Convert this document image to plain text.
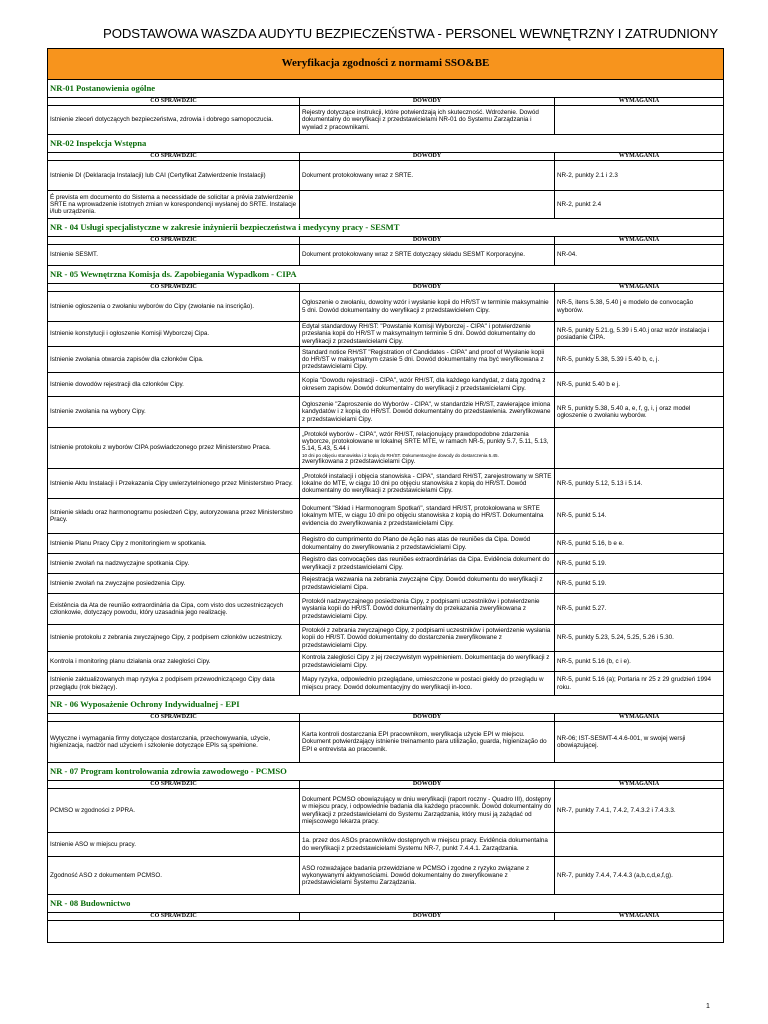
PODSTAWOWA WASZDA AUDYTU BEZPIECZEŃSTWA - PERSONEL WEWNĘTRZNY I ZATRUDNIONY
Weryfikacja zgodności z normami SSO&BE		
NR-01 Postanowienia ogólne		
CO SPRAWDZIĆ	DOWODY	WYMAGANIA
Istnienie zleceń dotyczących bezpieczeństwa, zdrowia i dobrego samopoczucia.	Rejestry dotyczące instrukcji, które potwierdzają ich skuteczność. Wdrożenie. Dowód dokumentalny do weryfikacji z przedstawicielami NR-01 do Systemu Zarządzania i wywiad z pracownikami.	
NR-02 Inspekcja Wstępna		
CO SPRAWDZIĆ	DOWODY	WYMAGANIA
Istnienie DI (Deklaracja Instalacji) lub CAI (Certyfikat Zatwierdzenie Instalacji)	Dokument protokołowany wraz z SRTE.	NR-2, punkty 2.1 i 2.3
É prevista em documento do Sistema a necessidade de solicitar a prévia zatwierdzenie SRTE na wprowadzenie istotnych zmian w korespondencji wysłanej do SRTE. Instalacje i/lub urządzenia.		NR-2, punkt 2.4
NR - 04 Usługi specjalistyczne w zakresie inżynierii bezpieczeństwa i medycyny pracy - SESMT		
CO SPRAWDZIĆ	DOWODY	WYMAGANIA
Istnienie SESMT.	Dokument protokołowany wraz z SRTE dotyczący składu SESMT Korporacyjne.	NR-04.
NR - 05 Wewnętrzna Komisja ds. Zapobiegania Wypadkom - CIPA		
CO SPRAWDZIĆ	DOWODY	WYMAGANIA
Istnienie ogłoszenia o zwołaniu wyborów do Cipy (zwołanie na inscrição).	Ogłoszenie o zwołaniu, dowolny wzór i wysłanie kopii do HR/ST w terminie maksymalnie 5 dni. Dowód dokumentalny do weryfikacji z przedstawicielem Cipy.	NR-5, itens 5.38, 5.40 j e modelo de convocação wyborów.
Istnienie konstytucji i ogłoszenie Komisji Wyborczej Cipa.	Edytal standardowy RH/ST: "Powstanie Komisji Wyborczej - CIPA" i potwierdzenie przesłania kopii do HR/ST w maksymalnym terminie 5 dni. Dowód dokumentalny do weryfikacji z przedstawicielami Cipy.	NR-5, punkty 5.21.g, 5.39 i 5.40.j oraz wzór instalacja i posiadanie CIPA.
Istnienie zwołania otwarcia zapisów dla członków Cipa.	Standard notice RH/ST "Registration of Candidates - CIPA" and proof of Wysłanie kopii do HR/ST w maksymalnym czasie 5 dni. Dowód dokumentalny ma być weryfikowana z przedstawicielami Cipy.	NR-5, punkty 5.38, 5.39 i 5.40 b, c, j.
Istnienie dowodów rejestracji dla członków Cipy.	Kopia "Dowodu rejestracji - CIPA", wzór RH/ST, dla każdego kandydat, z datą zgodną z okresem zapisów. Dowód dokumentalny do weryfikacji z przedstawicielami Cipy.	NR-5, punkt 5.40 b e j.
Istnienie zwołania na wybory Cipy.	Ogłoszenie "Zaproszenie do Wyborów - CIPA", w standardzie HR/ST, zawierające imiona kandydatów i z kopią do HR/ST. Dowód dokumentalny do przedstawienia. zweryfikowane z przedstawicielami Cipy.	NR 5, punkty 5.38, 5.40 a, e, f, g, i, j oraz model ogłoszenie o zwołaniu wyborów.
Istnienie protokołu z wyborów CIPA poświadczonego przez Ministerstwo Praca.	„Protokół wyborów - CIPA", wzór RH/ST, relacjonujący prawdopodobne zdarzenia wyborcze, protokołowane w lokalnej SRTE MTE, w ramach NR-5, punkty 5.7, 5.11, 5.13, 5.14, 5.43, 5.44 i
10 dni po objęciu stanowiska i z kopią do RH/ST. Dokumentacyjne dowody do dostarczenia 5.45.
zweryfikowana z przedstawicielami Cipy.	
Istnienie Aktu Instalacji i Przekazania Cipy uwierzytelnionego przez Ministerstwo Pracy.	„Protokół instalacji i objęcia stanowiska - CIPA", standard RH/ST, zarejestrowany w SRTE lokalne do MTE, w ciągu 10 dni po objęciu stanowiska z kopią do HR/ST. Dowód dokumentalny do weryfikacji z przedstawicielami Cipy.	NR-5, punkty 5.12, 5.13 i 5.14.
Istnienie składu oraz harmonogramu posiedzeń Cipy, autoryzowana przez Ministerstwo Pracy.	Dokument "Skład i Harmonogram Spotkań", standard HR/ST, protokołowana w SRTE lokalnym MTE, w ciągu 10 dni po objęciu stanowiska z kopią do HR/ST. Dokumentalna evidencia do zweryfikowania z przedstawicielami Cipy.	NR-5, punkt 5.14.
Istnienie Planu Pracy Cipy z monitoringiem w spotkania.	Registro do cumprimento do Plano de Ação nas atas de reuniões da Cipa. Dowód dokumentalny do zweryfikowania z przedstawicielami Cipy.	NR-5, punkt 5.16, b e e.
Istnienie zwołań na nadzwyczajne spotkania Cipy.	Registro das convocações das reuniões extraordinárias da Cipa. Evidência dokument do weryfikacji z przedstawicielami Cipy.	NR-5, punkt 5.19.
Istnienie zwołań na zwyczajne posiedzenia Cipy.	Rejestracja wezwania na zebrania zwyczajne Cipy. Dowód dokumentu do weryfikacji z przedstawicielami Cipa.	NR-5, punkt 5.19.
Existência da Ata de reunião extraordinária da Cipa, com visto dos uczestniczących członkowie, dotyczący powodu, który uzasadnia jego realizację.	Protokół nadzwyczajnego posiedzenia Cipy, z podpisami uczestników i potwierdzenie wysłania kopii do HR/ST. Dowód dokumentalny do przekazania zweryfikowana z przedstawicielami Cipy.	NR-5, punkt 5.27.
Istnienie protokołu z zebrania zwyczajnego Cipy, z podpisem członków uczestniczy.	Protokół z zebrania zwyczajnego Cipy, z podpisami uczestników i potwierdzenie wysłania kopii do HR/ST. Dowód dokumentalny do dostarczenia zweryfikowane z przedstawicielami Cipy.	NR-5, punkty 5.23, 5.24, 5.25, 5.26 i 5.30.
Kontrola i monitoring planu działania oraz zaległości Cipy.	Kontrola zaległości Cipy z jej rzeczywistym wypełnieniem. Dokumentacja do weryfikacji z przedstawicielami Cipy.	NR-5, punkt 5.16 (b, c i e).
Istnienie zaktualizowanych map ryzyka z podpisem przewodniczącego Cipy data przeglądu (rok bieżący).	Mapy ryzyka, odpowiednio przeglądane, umieszczone w postaci giełdy do przeglądu w miejscu pracy. Dowód dokumentacyjny do weryfikacji in-loco.	NR-5, punkt 5.16 (a); Portaria nr 25 z 29 grudzień 1994 roku.
NR - 06 Wyposażenie Ochrony Indywidualnej - EPI		
CO SPRAWDZIĆ	DOWODY	WYMAGANIA
Wytyczne i wymagania firmy dotyczące dostarczania, przechowywania, użycie, higienizacja, nadzór nad użyciem i szkolenie dotyczące EPIs są spełnione.	Karta kontroli dostarczania EPI pracownikom, weryfikacja użycie EPI w miejscu. Dokument potwierdzający istnienie treinamento para utilização, guarda, higienização do EPI e entrevista ao pracownik.	NR-06; IST-SESMT-4.4.6-001, w swojej wersji obowiązującej.
NR - 07 Program kontrolowania zdrowia zawodowego - PCMSO		
CO SPRAWDZIĆ	DOWODY	WYMAGANIA
PCMSO w zgodności z PPRA.	Dokument PCMSO obowiązujący w dniu weryfikacji (raport roczny - Quadro III), dostępny w miejscu pracy, i odpowiednie badania dla każdego pracownik. Dowód dokumentalny do weryfikacji z przedstawicielami do Systemu Zarządzania, który musi ją zażądać od miejscowego lekarza pracy.	NR-7, punkty 7.4.1, 7.4.2, 7.4.3.2 i 7.4.3.3.
Istnienie ASO w miejscu pracy.	1a. przez dos ASOs pracowników dostępnych w miejscu pracy. Evidência dokumentalna do weryfikacji z przedstawicielami Systemu NR-7, punkt 7.4.4.1. Zarządzania.	
Zgodność ASO z dokumentem PCMSO.	ASO rozważające badania przewidziane w PCMSO i zgodne z ryzyko związane z wykonywanymi aktywnościami. Dowód dokumentalny do zweryfikowane z przedstawicielami Systemu Zarządzania.	NR-7, punkty 7.4.4, 7.4.4.3 (a,b,c,d,e,f,g).
NR - 08 Budownictwo		
CO SPRAWDZIĆ	DOWODY	WYMAGANIA

1
